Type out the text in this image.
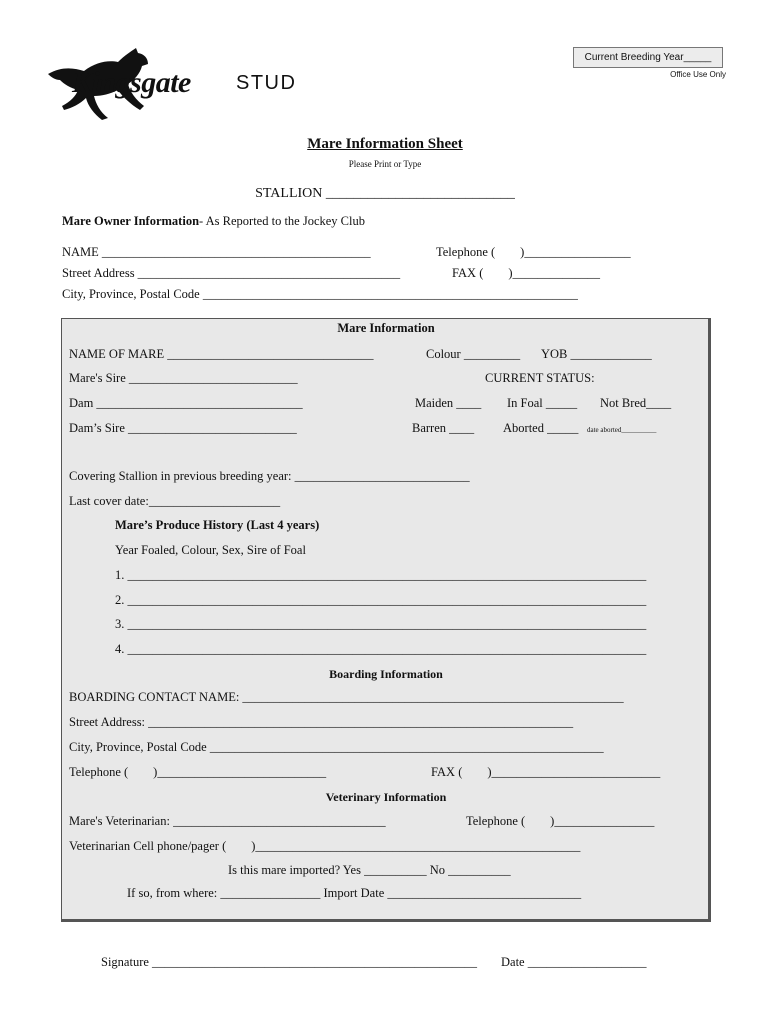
Kingsgate STUD
Current Breeding Year_____
Office Use Only
Mare Information Sheet
Please Print or Type
STALLION ___________________________
Mare Owner Information- As Reported to the Jockey Club
NAME ___________________________________________	Telephone (        )_________________
Street Address __________________________________________	FAX (        )______________
City, Province, Postal Code ____________________________________________________________
Mare Information
NAME OF MARE _________________________________	Colour _________ YOB _____________
Mare's Sire ___________________________	CURRENT STATUS:
Dam _________________________________	Maiden ____ In Foal _____ Not Bred____
Dam’s Sire ___________________________	Barren ____ Aborted _____ date aborted__________
Covering Stallion in previous breeding year: ____________________________
Last cover date:_____________________
Mare’s Produce History (Last 4 years)
Year Foaled, Colour, Sex, Sire of Foal
1. ___________________________________________________________________________________
2. ___________________________________________________________________________________
3. ___________________________________________________________________________________
4. ___________________________________________________________________________________
Boarding Information
BOARDING CONTACT NAME: _____________________________________________________________
Street Address: ____________________________________________________________________
City, Province, Postal Code _______________________________________________________________
Telephone (        )___________________________	FAX (        )___________________________
Veterinary Information
Mare's Veterinarian: __________________________________	Telephone (        )________________
Veterinarian Cell phone/pager (        )____________________________________________________
Is this mare imported? Yes __________ No __________
If so, from where: ________________ Import Date _______________________________
Signature ____________________________________________________ Date ___________________
